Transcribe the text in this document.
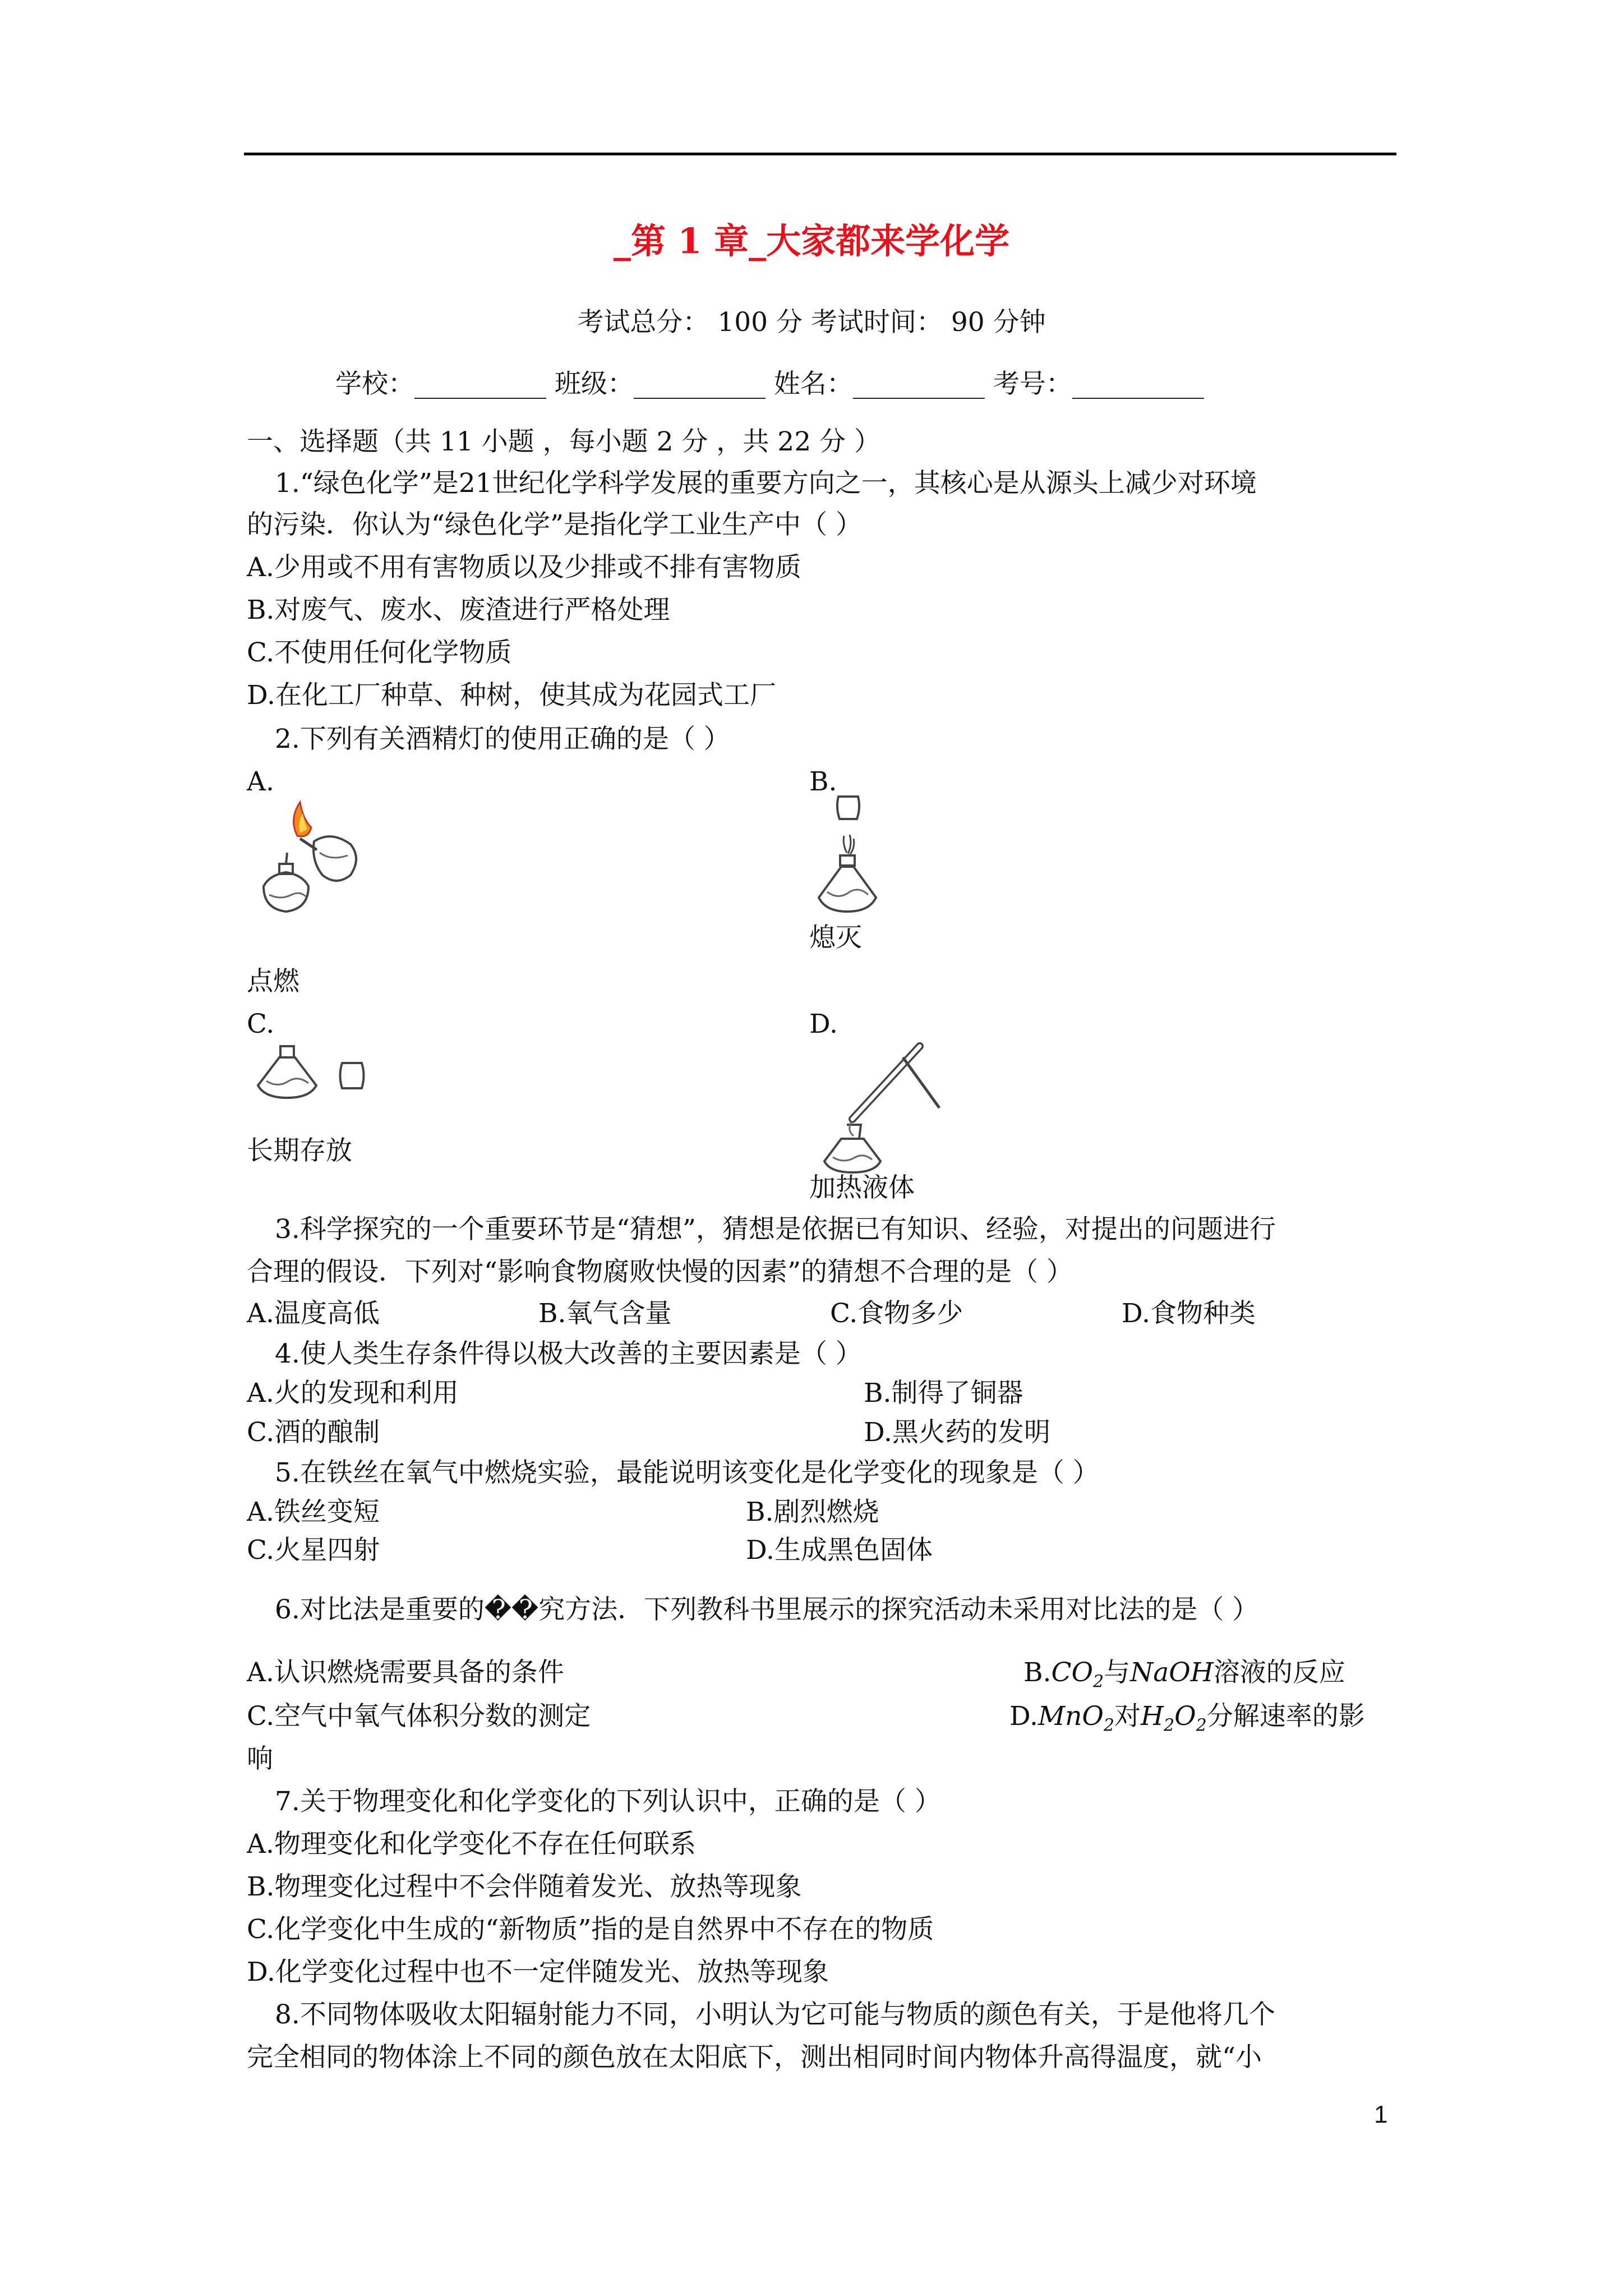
_第 1 章_大家都来学化学
考试总分： 100 分 考试时间： 90 分钟
学校：__________ 班级：__________ 姓名：__________ 考号：__________
一、选择题（共 11 小题 ，每小题 2 分 ，共 22 分 ）
1.“绿色化学”是21世纪化学科学发展的重要方向之一，其核心是从源头上减少对环境
的污染．你认为“绿色化学”是指化学工业生产中（ ）
A.少用或不用有害物质以及少排或不排有害物质
B.对废气、废水、废渣进行严格处理
C.不使用任何化学物质
D.在化工厂种草、种树，使其成为花园式工厂
2.下列有关酒精灯的使用正确的是（ ）
A.	B.
点燃
熄灭
C.	D.
长期存放
加热液体
3.科学探究的一个重要环节是“猜想”，猜想是依据已有知识、经验，对提出的问题进行
合理的假设．下列对“影响食物腐败快慢的因素”的猜想不合理的是（ ）
A.温度高低	B.氧气含量	C.食物多少	D.食物种类
4.使人类生存条件得以极大改善的主要因素是（ ）
A.火的发现和利用	B.制得了铜器
C.酒的酿制	D.黑火药的发明
5.在铁丝在氧气中燃烧实验，最能说明该变化是化学变化的现象是（ ）
A.铁丝变短	B.剧烈燃烧
C.火星四射	D.生成黑色固体
6.对比法是重要的��究方法．下列教科书里展示的探究活动未采用对比法的是（ ）
A.认识燃烧需要具备的条件	$B.CO_2$与NaOH溶液的反应
C.空气中氧气体积分数的测定	D.MnO$_2$对$H_2O_2$分解速率的影
响
7.关于物理变化和化学变化的下列认识中，正确的是（ ）
A.物理变化和化学变化不存在任何联系
B.物理变化过程中不会伴随着发光、放热等现象
C.化学变化中生成的“新物质”指的是自然界中不存在的物质
D.化学变化过程中也不一定伴随发光、放热等现象
8.不同物体吸收太阳辐射能力不同，小明认为它可能与物质的颜色有关，于是他将几个
完全相同的物体涂上不同的颜色放在太阳底下，测出相同时间内物体升高得温度，就“小
1
